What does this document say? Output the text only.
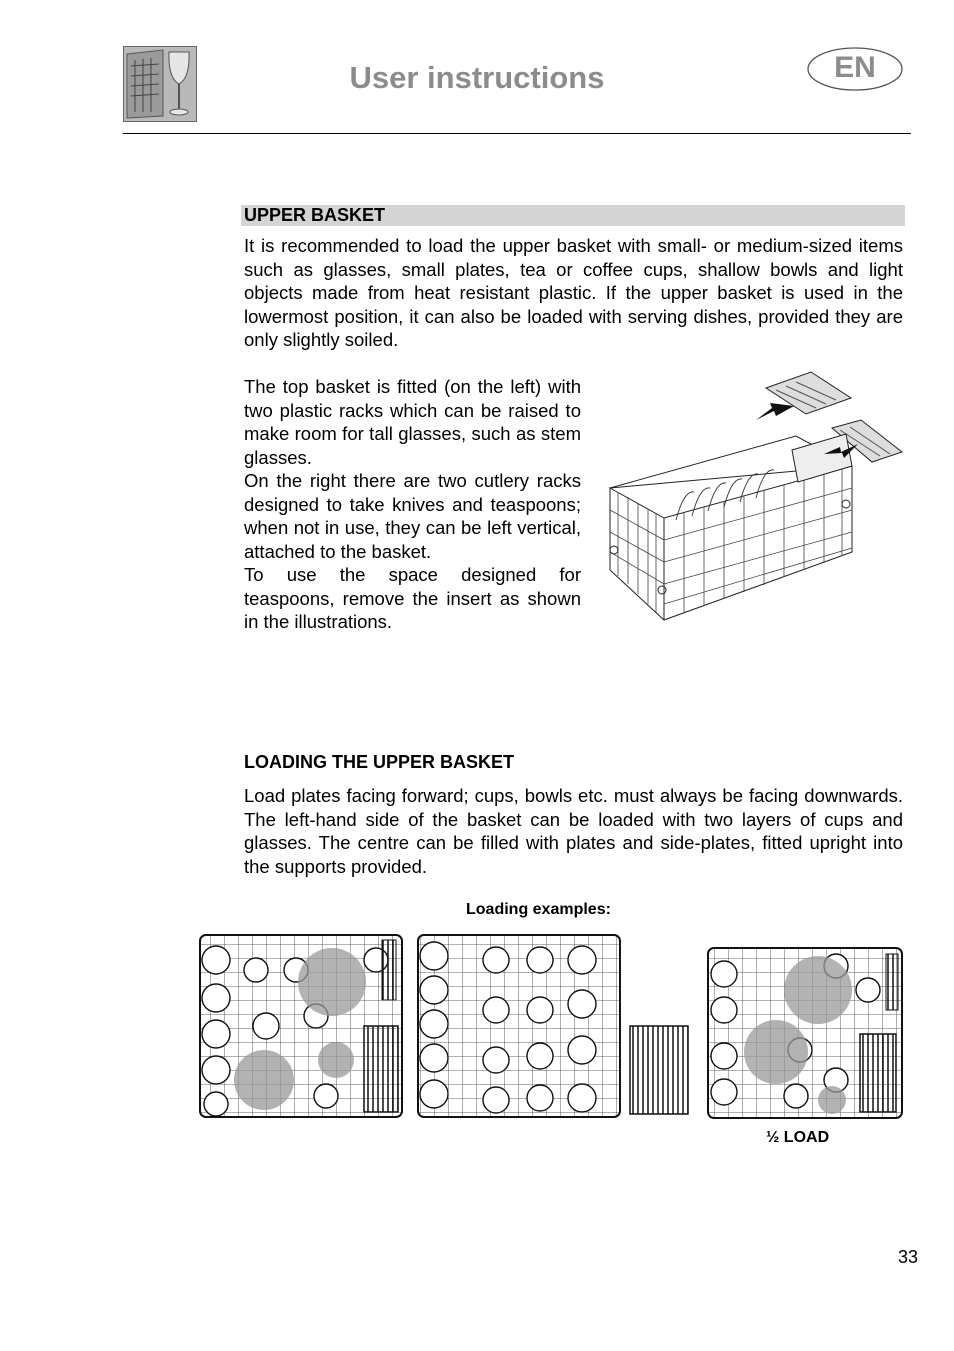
User instructions	EN
UPPER BASKET
It is recommended to load the upper basket with small- or medium-sized items such as glasses, small plates, tea or coffee cups, shallow bowls and light objects made from heat resistant plastic. If the upper basket is used in the lowermost position, it can also be loaded with serving dishes, provided they are only slightly soiled.
The top basket is fitted (on the left) with two plastic racks which can be raised to make room for tall glasses, such as stem glasses.
On the right there are two cutlery racks designed to take knives and teaspoons; when not in use, they can be left vertical, attached to the basket.
To use the space designed for teaspoons, remove the insert as shown in the illustrations.
LOADING THE UPPER BASKET
Load plates facing forward; cups, bowls etc. must always be facing downwards. The left-hand side of the basket can be loaded with two layers of cups and glasses. The centre can be filled with plates and side-plates, fitted upright into the supports provided.
Loading examples:
½ LOAD
33
